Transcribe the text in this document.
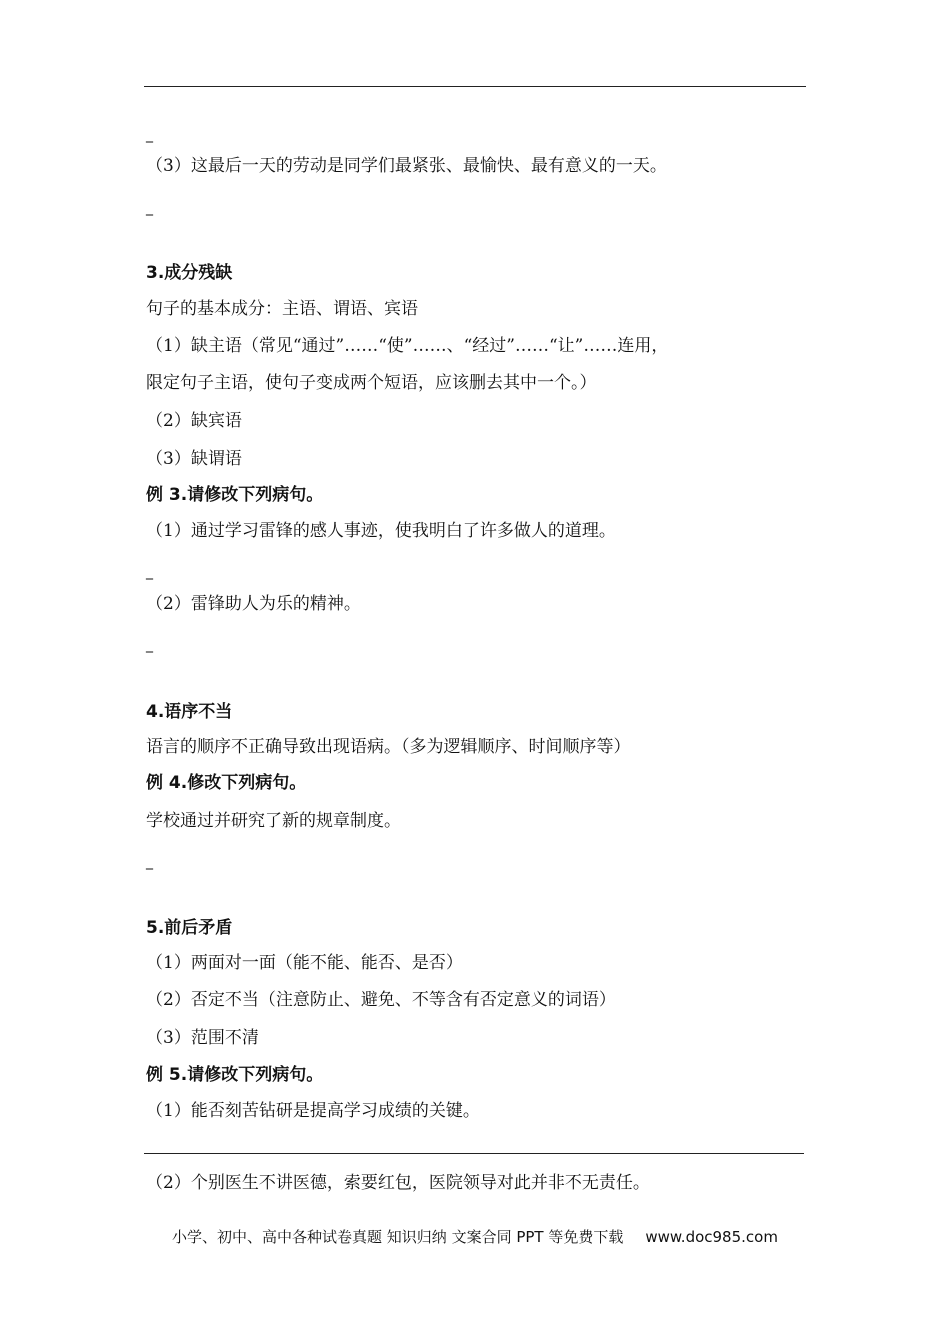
_
（3）这最后一天的劳动是同学们最紧张、最愉快、最有意义的一天。
_
3.成分残缺
句子的基本成分：主语、谓语、宾语
（1）缺主语（常见“通过”……“使”……、“经过”……“让”……连用，
限定句子主语，使句子变成两个短语，应该删去其中一个。）
（2）缺宾语
（3）缺谓语
例 3.请修改下列病句。
（1）通过学习雷锋的感人事迹，使我明白了许多做人的道理。
_
（2）雷锋助人为乐的精神。
_
4.语序不当
语言的顺序不正确导致出现语病。（多为逻辑顺序、时间顺序等）
例 4.修改下列病句。
学校通过并研究了新的规章制度。
_
5.前后矛盾
（1）两面对一面（能不能、能否、是否）
（2）否定不当（注意防止、避免、不等含有否定意义的词语）
（3）范围不清
例 5.请修改下列病句。
（1）能否刻苦钻研是提高学习成绩的关键。
（2）个别医生不讲医德，索要红包，医院领导对此并非不无责任。
小学、初中、高中各种试卷真题 知识归纳 文案合同 PPT 等免费下载 www.doc985.com
